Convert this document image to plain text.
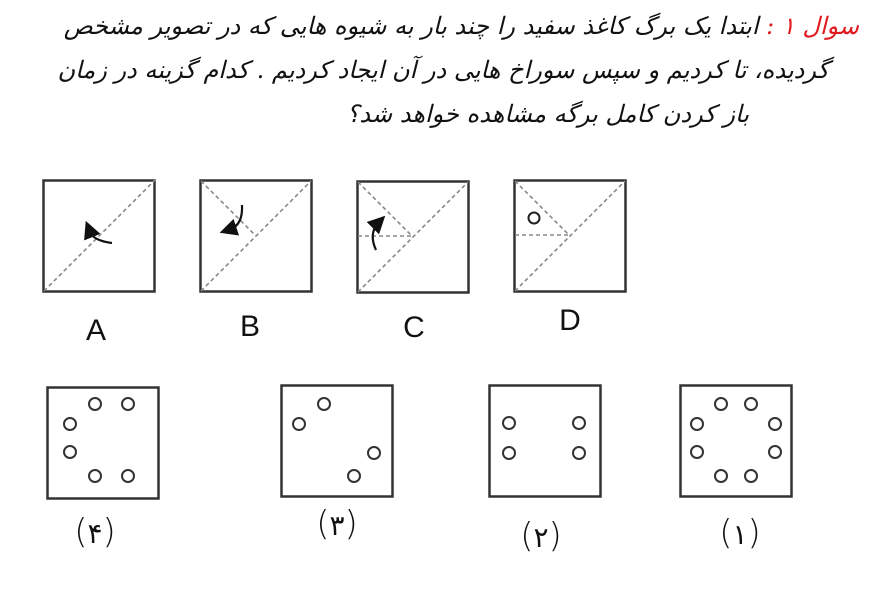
سوال ۱ : ابتدا یک برگ کاغذ سفید را چند بار به شیوه هایی که در تصویر مشخص
گردیده، تا کردیم و سپس سوراخ هایی در آن ایجاد کردیم . کدام گزینه در زمان
باز کردن کامل برگه مشاهده خواهد شد؟
A	B	C	D
(۴)	(۳)	(۲)	(۱)
